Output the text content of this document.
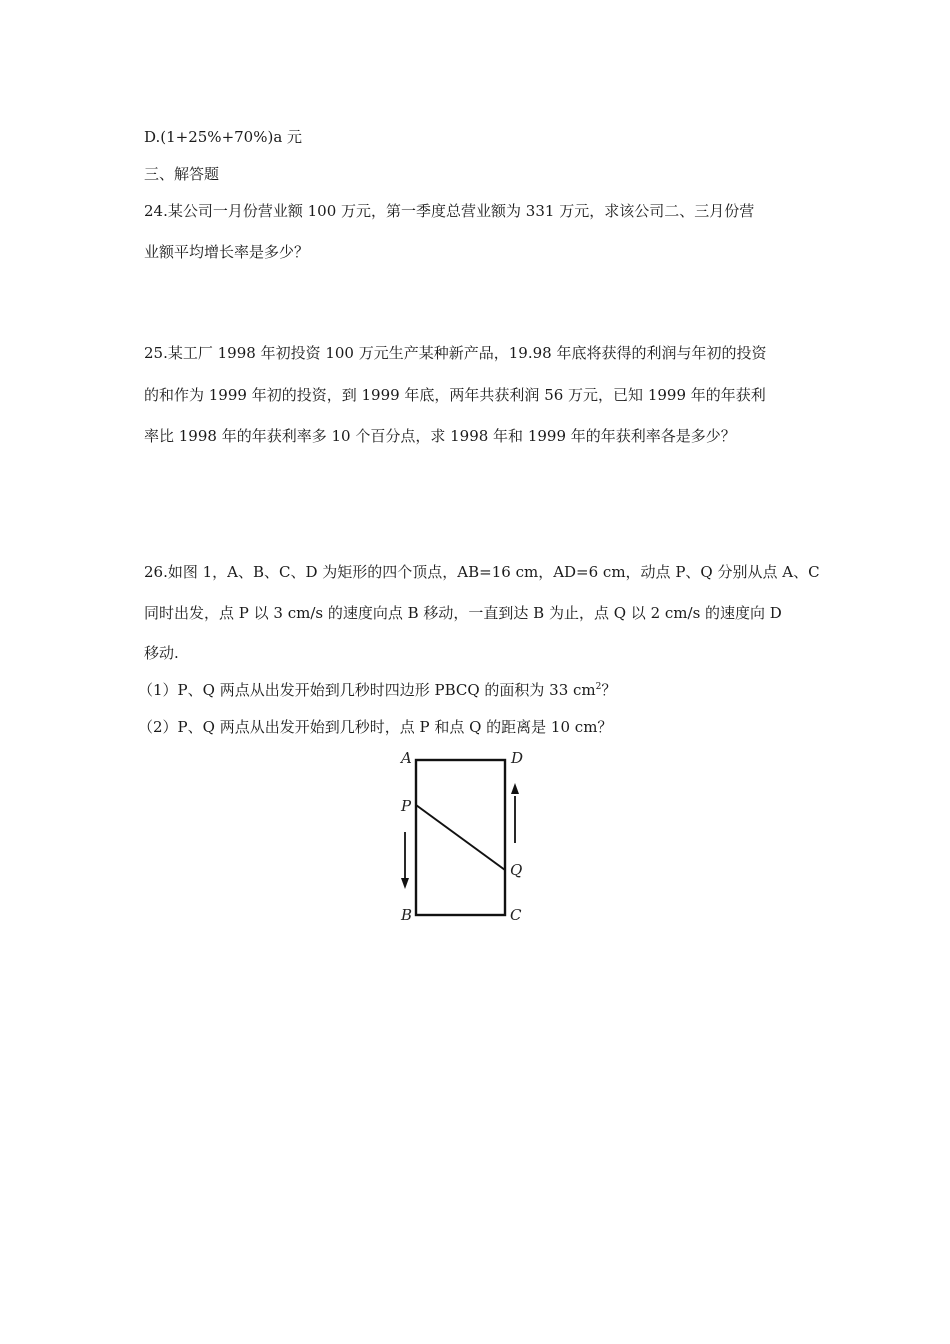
D.(1+25%+70%)a 元
三、解答题
24.某公司一月份营业额 100 万元，第一季度总营业额为 331 万元，求该公司二、三月份营
业额平均增长率是多少？
25.某工厂 1998 年初投资 100 万元生产某种新产品，19.98 年底将获得的利润与年初的投资
的和作为 1999 年初的投资，到 1999 年底，两年共获利润 56 万元，已知 1999 年的年获利
率比 1998 年的年获利率多 10 个百分点，求 1998 年和 1999 年的年获利率各是多少？
26.如图 1，A、B、C、D 为矩形的四个顶点，AB=16 cm，AD=6 cm，动点 P、Q 分别从点 A、C
同时出发，点 P 以 3 cm/s 的速度向点 B 移动，一直到达 B 为止，点 Q 以 2 cm/s 的速度向 D
移动.
（1）P、Q 两点从出发开始到几秒时四边形 PBCQ 的面积为 33 $cm^2$？
（2）P、Q 两点从出发开始到几秒时，点 P 和点 Q 的距离是 10 cm？
A	D
P
Q
B	C
